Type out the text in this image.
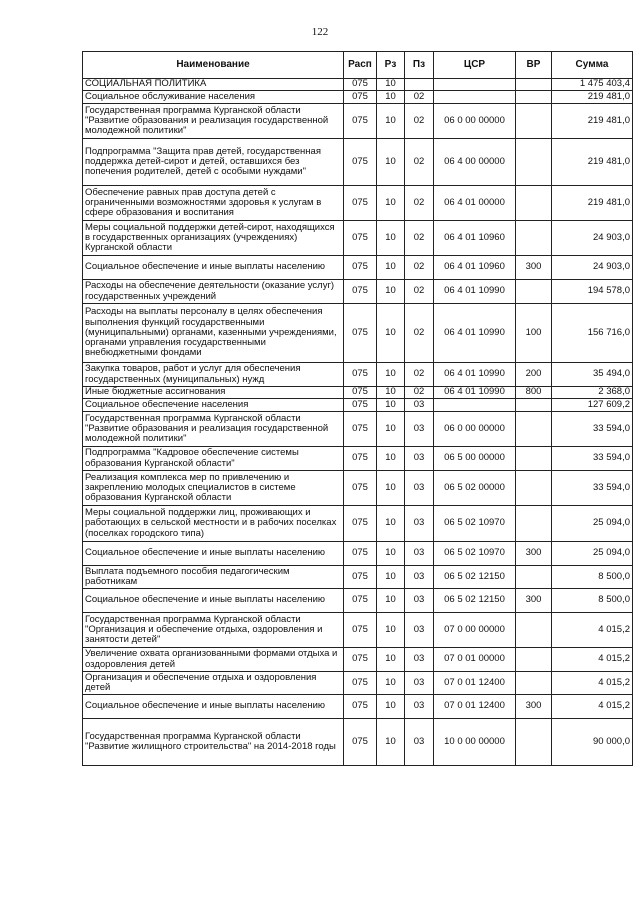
122
Наименование	Расп	Рз	Пз	ЦСР	ВР	Сумма
СОЦИАЛЬНАЯ ПОЛИТИКА	075	10				1 475 403,4
Социальное обслуживание населения	075	10	02			219 481,0
Государственная программа Курганской области "Развитие образования и реализация государственной молодежной политики"	075	10	02	06 0 00 00000		219 481,0
Подпрограмма "Защита прав детей, государственная поддержка детей-сирот и детей, оставшихся без попечения родителей, детей с особыми нуждами"	075	10	02	06 4 00 00000		219 481,0
Обеспечение равных прав доступа детей с ограниченными возможностями здоровья к услугам в сфере образования и воспитания	075	10	02	06 4 01 00000		219 481,0
Меры социальной поддержки детей-сирот, находящихся в государственных организациях (учреждениях) Курганской области	075	10	02	06 4 01 10960		24 903,0
Социальное обеспечение и иные выплаты населению	075	10	02	06 4 01 10960	300	24 903,0
Расходы на обеспечение деятельности (оказание услуг) государственных учреждений	075	10	02	06 4 01 10990		194 578,0
Расходы на выплаты персоналу в целях обеспечения выполнения функций государственными (муниципальными) органами, казенными учреждениями, органами управления государственными внебюджетными фондами	075	10	02	06 4 01 10990	100	156 716,0
Закупка товаров, работ и услуг для обеспечения государственных (муниципальных) нужд	075	10	02	06 4 01 10990	200	35 494,0
Иные бюджетные ассигнования	075	10	02	06 4 01 10990	800	2 368,0
Социальное обеспечение населения	075	10	03			127 609,2
Государственная программа Курганской области "Развитие образования и реализация государственной молодежной политики"	075	10	03	06 0 00 00000		33 594,0
Подпрограмма "Кадровое обеспечение системы образования Курганской области"	075	10	03	06 5 00 00000		33 594,0
Реализация комплекса мер по привлечению и закреплению молодых специалистов в системе образования Курганской области	075	10	03	06 5 02 00000		33 594,0
Меры социальной поддержки лиц, проживающих и работающих в сельской местности и в рабочих поселках (поселках городского типа)	075	10	03	06 5 02 10970		25 094,0
Социальное обеспечение и иные выплаты населению	075	10	03	06 5 02 10970	300	25 094,0
Выплата подъемного пособия педагогическим работникам	075	10	03	06 5 02 12150		8 500,0
Социальное обеспечение и иные выплаты населению	075	10	03	06 5 02 12150	300	8 500,0
Государственная программа Курганской области "Организация и обеспечение отдыха, оздоровления и занятости детей"	075	10	03	07 0 00 00000		4 015,2
Увеличение охвата организованными формами отдыха и оздоровления детей	075	10	03	07 0 01 00000		4 015,2
Организация и обеспечение отдыха и оздоровления детей	075	10	03	07 0 01 12400		4 015,2
Социальное обеспечение и иные выплаты населению	075	10	03	07 0 01 12400	300	4 015,2
Государственная программа Курганской области "Развитие жилищного строительства" на 2014-2018 годы	075	10	03	10 0 00 00000		90 000,0
